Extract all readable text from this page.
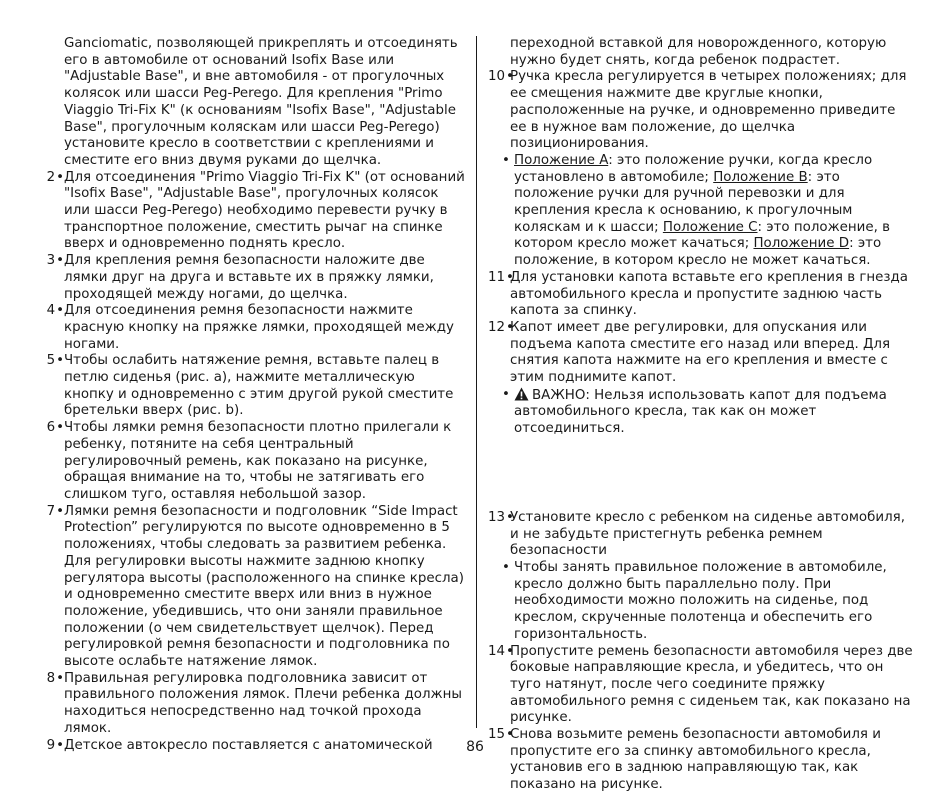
Ganciomatic, позволяющей прикреплять и отсоединять его в автомобиле от оснований Isofix Base или "Adjustable Base", и вне автомобиля - от прогулочных колясок или шасси Peg-Perego. Для крепления "Primo Viaggio Tri-Fix K" (к основаниям "Isofix Base", "Adjustable Base", прогулочным коляскам или шасси Peg-Perego) установите кресло в соответствии с креплениями и сместите его вниз двумя руками до щелчка.
2 • Для отсоединения "Primo Viaggio Tri-Fix K" (от оснований "Isofix Base", "Adjustable Base", прогулочных колясок или шасси Peg-Perego) необходимо перевести ручку в транспортное положение, сместить рычаг на спинке вверх и одновременно поднять кресло.
3 • Для крепления ремня безопасности наложите две лямки друг на друга и вставьте их в пряжку лямки, проходящей между ногами, до щелчка.
4 • Для отсоединения ремня безопасности нажмите красную кнопку на пряжке лямки, проходящей между ногами.
5 • Чтобы ослабить натяжение ремня, вставьте палец в петлю сиденья (рис. a), нажмите металлическую кнопку и одновременно с этим другой рукой сместите бретельки вверх (рис. b).
6 • Чтобы лямки ремня безопасности плотно прилегали к ребенку, потяните на себя центральный регулировочный ремень, как показано на рисунке, обращая внимание на то, чтобы не затягивать его слишком туго, оставляя небольшой зазор.
7 • Лямки ремня безопасности и подголовник “Side Impact Protection” регулируются по высоте одновременно в 5 положениях, чтобы следовать за развитием ребенка. Для регулировки высоты нажмите заднюю кнопку регулятора высоты (расположенного на спинке кресла) и одновременно сместите вверх или вниз в нужное положение, убедившись, что они заняли правильное положении (о чем свидетельствует щелчок). Перед регулировкой ремня безопасности и подголовника по высоте ослабьте натяжение лямок.
8 • Правильная регулировка подголовника зависит от правильного положения лямок. Плечи ребенка должны находиться непосредственно над точкой прохода лямок.
9 • Детское автокресло поставляется с анатомической
переходной вставкой для новорожденного, которую нужно будет снять, когда ребенок подрастет.
10 • Ручка кресла регулируется в четырех положениях; для ее смещения нажмите две круглые кнопки, расположенные на ручке, и одновременно приведите ее в нужное вам положение, до щелчка позиционирования.
• Положение A: это положение ручки, когда кресло установлено в автомобиле; Положение B: это положение ручки для ручной перевозки и для крепления кресла к основанию, к прогулочным коляскам и к шасси; Положение C: это положение, в котором кресло может качаться; Положение D: это положение, в котором кресло не может качаться.
11 • Для установки капота вставьте его крепления в гнезда автомобильного кресла и пропустите заднюю часть капота за спинку.
12 • Капот имеет две регулировки, для опускания или подъема капота сместите его назад или вперед. Для снятия капота нажмите на его крепления и вместе с этим поднимите капот.
• ВАЖНО: Нельзя использовать капот для подъема автомобильного кресла, так как он может отсоединиться.
13 • Установите кресло с ребенком на сиденье автомобиля, и не забудьте пристегнуть ребенка ремнем безопасности
• Чтобы занять правильное положение в автомобиле, кресло должно быть параллельно полу. При необходимости можно положить на сиденье, под креслом, скрученные полотенца и обеспечить его горизонтальность.
14 • Пропустите ремень безопасности автомобиля через две боковые направляющие кресла, и убедитесь, что он туго натянут, после чего соедините пряжку автомобильного ремня с сиденьем так, как показано на рисунке.
15 • Снова возьмите ремень безопасности автомобиля и пропустите его за спинку автомобильного кресла, установив его в заднюю направляющую так, как показано на рисунке.
86
